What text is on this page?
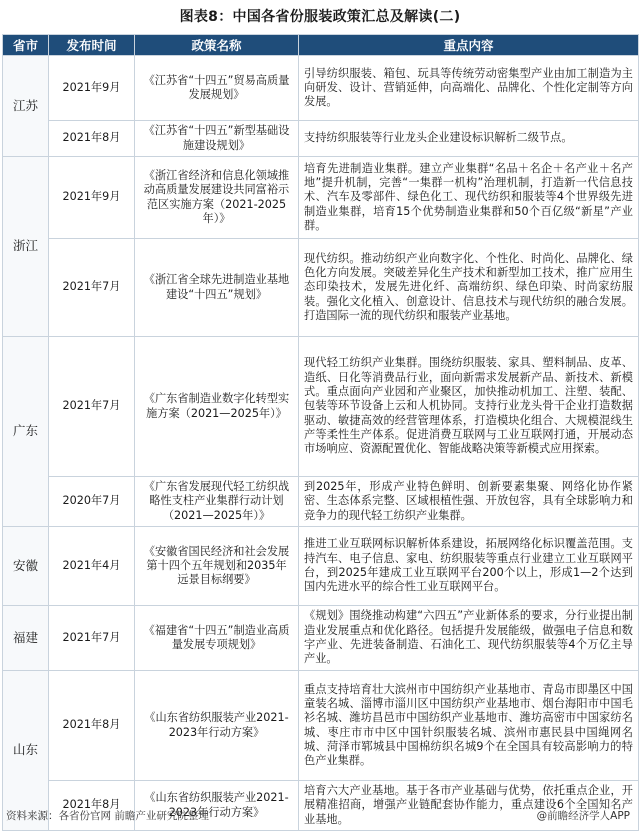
图表8：中国各省份服装政策汇总及解读(二)
省市	发布时间	政策名称	重点内容
江苏	2021年9月	《江苏省“十四五”贸易高质量发展规划》	引导纺织服装、箱包、玩具等传统劳动密集型产业由加工制造为主向研发、设计、营销延伸，向高端化、品牌化、个性化定制等方向发展。
	2021年8月	《江苏省“十四五”新型基础设施建设规划》	支持纺织服装等行业龙头企业建设标识解析二级节点。
浙江	2021年9月	《浙江省经济和信息化领域推动高质量发展建设共同富裕示范区实施方案（2021-2025年）》	培育先进制造业集群。建立产业集群“名品＋名企＋名产业＋名产地”提升机制，完善“一集群一机构”治理机制，打造新一代信息技术、汽车及零部件、绿色化工、现代纺织和服装等4个世界级先进制造业集群，培育15个优势制造业集群和50个百亿级“新星”产业群。
	2021年7月	《浙江省全球先进制造业基地建设“十四五”规划》	现代纺织。推动纺织产业向数字化、个性化、时尚化、品牌化、绿色化方向发展。突破差异化生产技术和新型加工技术，推广应用生态印染技术，发展先进化纤、高端纺织、绿色印染、时尚家纺服装。强化文化植入、创意设计、信息技术与现代纺织的融合发展。打造国际一流的现代纺织和服装产业基地。
广东	2021年7月	《广东省制造业数字化转型实施方案（2021—2025年）》	现代轻工纺织产业集群。围绕纺织服装、家具、塑料制品、皮革、造纸、日化等消费品行业，面向新需求发展新产品、新技术、新模式。重点面向产业园和产业聚区，加快推动机加工、注塑、装配、包装等环节设备上云和人机协同。支持行业龙头骨干企业打造数据驱动、敏捷高效的经营管理体系，打造模块化组合、大规模混线生产等柔性生产体系。促进消费互联网与工业互联网打通，开展动态市场响应、资源配置优化、智能战略决策等新模式应用探索。
	2020年7月	《广东省发展现代轻工纺织战略性支柱产业集群行动计划（2021—2025年）》	到2025年，形成产业特色鲜明、创新要素集聚、网络化协作紧密、生态体系完整、区域根植性强、开放包容，具有全球影响力和竞争力的现代轻工纺织产业集群。
安徽	2021年4月	《安徽省国民经济和社会发展第十四个五年规划和2035年远景目标纲要》	推进工业互联网标识解析体系建设，拓展网络化标识覆盖范围。支持汽车、电子信息、家电、纺织服装等重点行业建立工业互联网平台，到2025年建成工业互联网平台200个以上，形成1—2个达到国内先进水平的综合性工业互联网平台。
福建	2021年7月	《福建省“十四五”制造业高质量发展专项规划》	《规划》围绕推动构建“六四五”产业新体系的要求，分行业提出制造业发展重点和优化路径。包括提升发展能级，做强电子信息和数字产业、先进装备制造、石油化工、现代纺织服装等4个万亿主导产业。
山东	2021年8月	《山东省纺织服装产业2021-2023年行动方案》	重点支持培育壮大滨州市中国纺织产业基地市、青岛市即墨区中国童装名城、淄博市淄川区中国纺织产业基地市、烟台海阳市中国毛衫名城、潍坊昌邑市中国纺织产业基地市、潍坊高密市中国家纺名城、枣庄市市中区中国针织服装名城、滨州市惠民县中国绳网名城、菏泽市郓城县中国棉纺织名城9个在全国具有较高影响力的特色产业集群。
	2021年8月	《山东省纺织服装产业2021-2023年行动方案》	培育六大产业基地。基于各市产业基础与优势，依托重点企业，开展精准招商，增强产业链配套协作能力，重点建设6个全国知名产业基地。
资料来源：各省份官网 前瞻产业研究院整理	@前瞻经济学人APP
